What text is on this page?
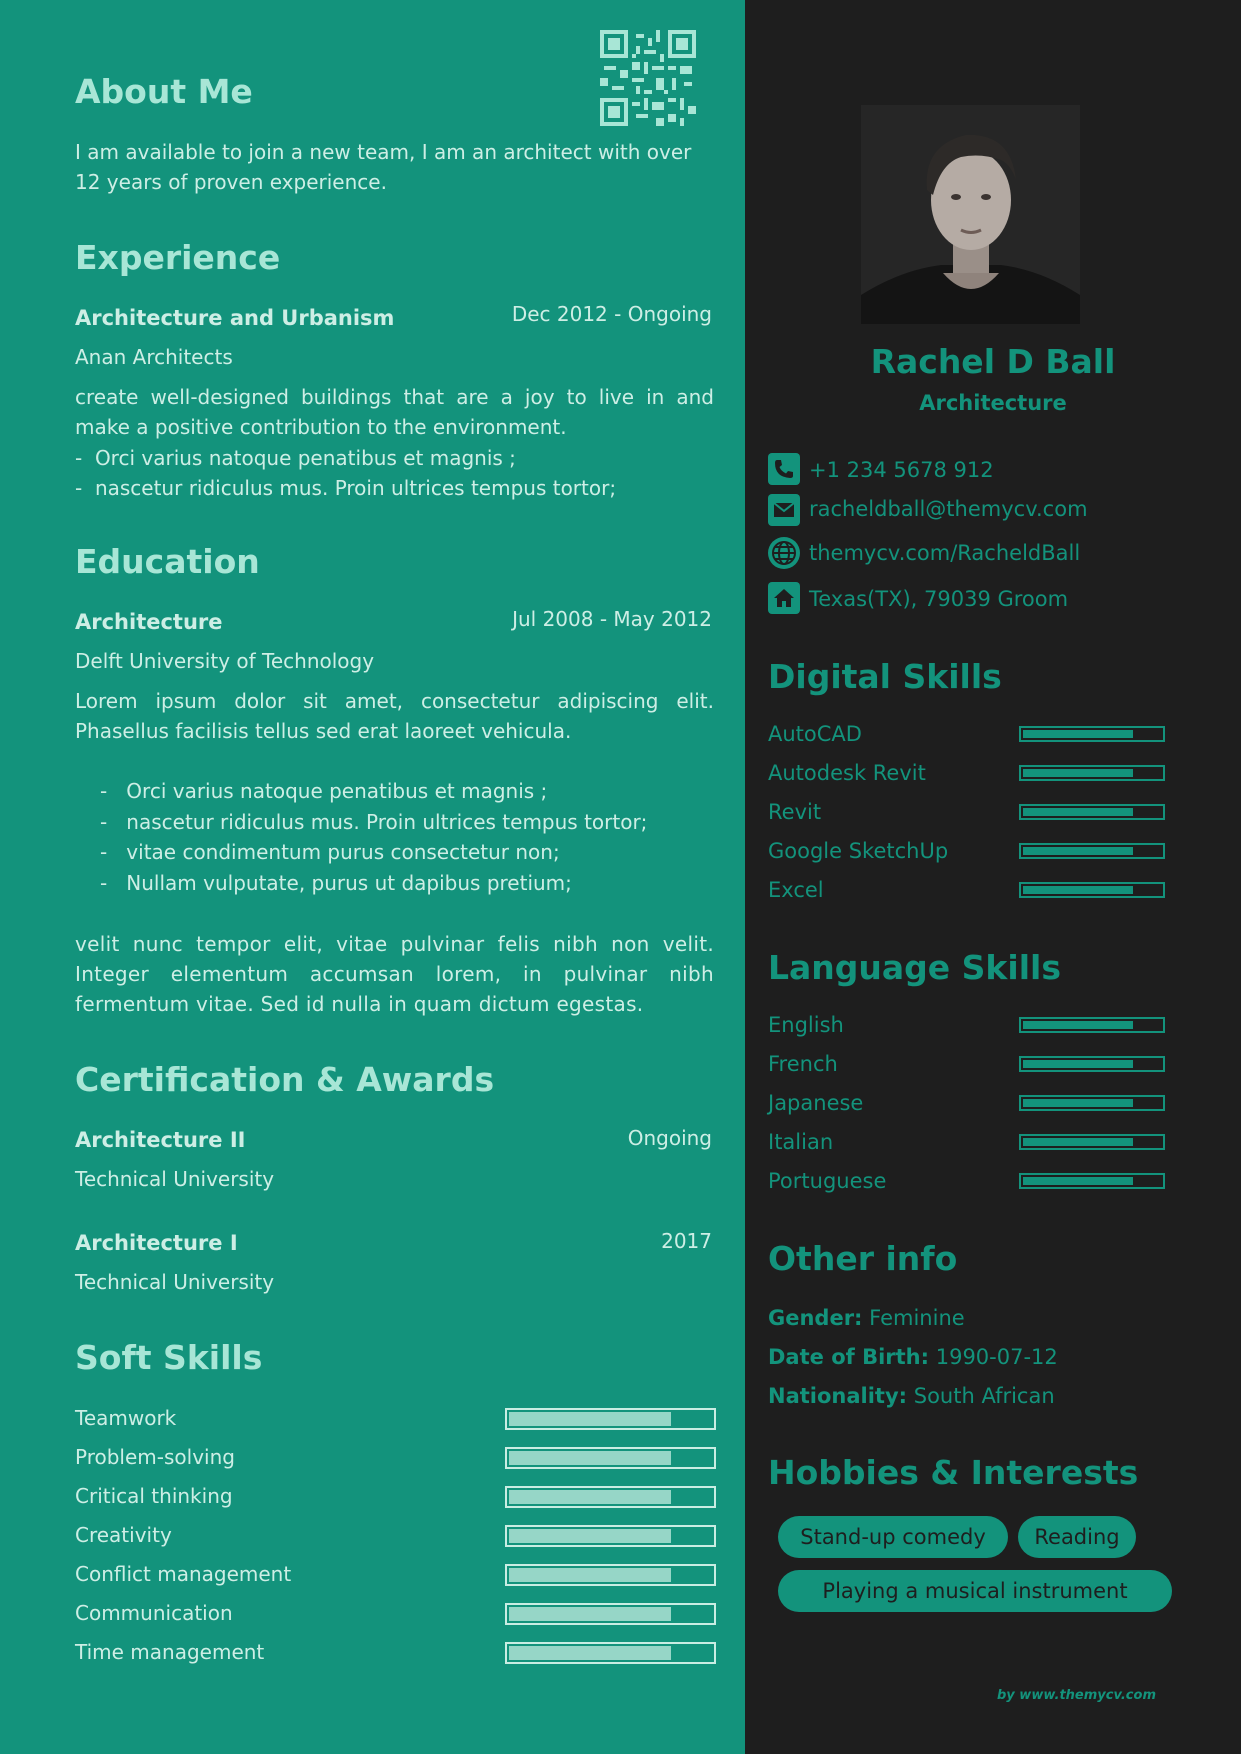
About Me
I am available to join a new team, I am an architect with over
12 years of proven experience.
Experience
Architecture and Urbanism	Dec 2012 - Ongoing
Anan Architects
create well-designed buildings that are a joy to live in and make a positive contribution to the environment.
-  Orci varius natoque penatibus et magnis ;
-  nascetur ridiculus mus. Proin ultrices tempus tortor;
Education
Architecture	Jul 2008 - May 2012
Delft University of Technology
Lorem ipsum dolor sit amet, consectetur adipiscing elit. Phasellus facilisis tellus sed erat laoreet vehicula.
-   Orci varius natoque penatibus et magnis ;
-   nascetur ridiculus mus. Proin ultrices tempus tortor;
-   vitae condimentum purus consectetur non;
-   Nullam vulputate, purus ut dapibus pretium;
velit nunc tempor elit, vitae pulvinar felis nibh non velit. Integer elementum accumsan lorem, in pulvinar nibh fermentum vitae. Sed id nulla in quam dictum egestas.
Certification & Awards
Architecture II	Ongoing
Technical University
Architecture I	2017
Technical University
Soft Skills
Teamwork
Problem-solving
Critical thinking
Creativity
Conflict management
Communication
Time management
Rachel D Ball
Architecture
+1 234 5678 912
racheldball@themycv.com
themycv.com/RacheldBall
Texas(TX), 79039 Groom
Digital Skills
AutoCAD
Autodesk Revit
Revit
Google SketchUp
Excel
Language Skills
English
French
Japanese
Italian
Portuguese
Other info
Gender: Feminine
Date of Birth: 1990-07-12
Nationality: South African
Hobbies & Interests
Stand-up comedy	Reading
Playing a musical instrument
by www.themycv.com
